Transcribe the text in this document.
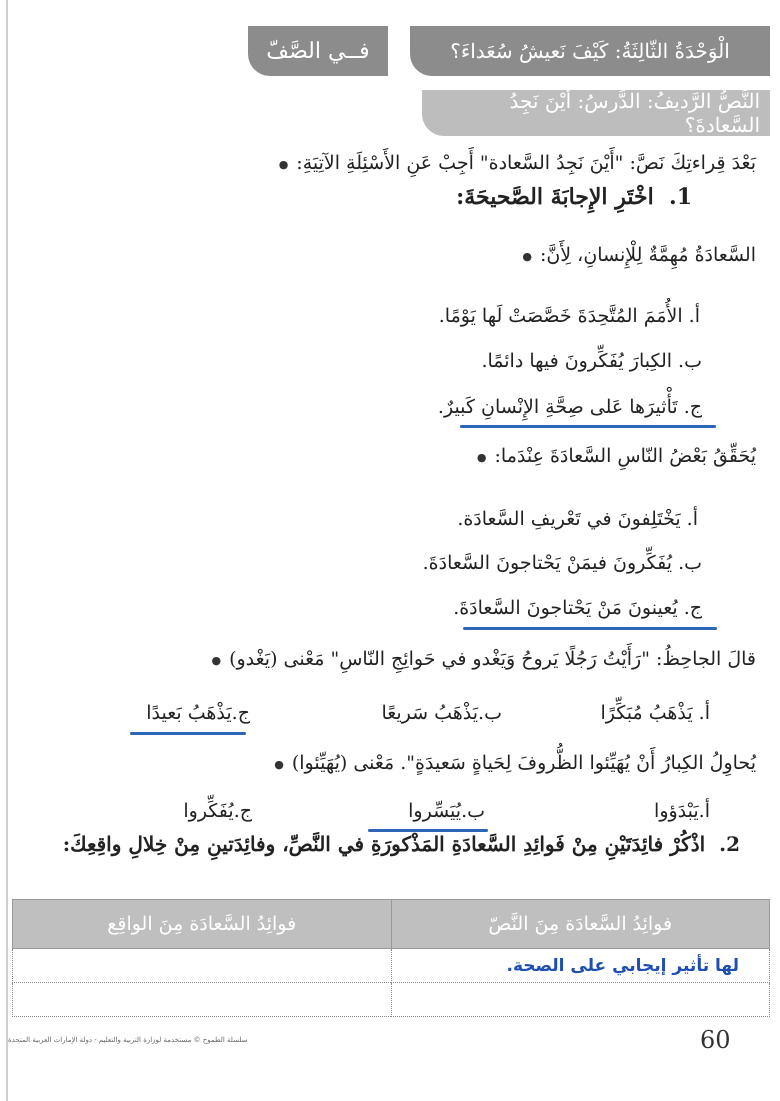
فــي الصَّفّ	الْوَحْدَةُ الثّالِثَةُ: كَيْفَ نَعيشُ سُعَداءَ؟
النَّصُّ الرَّديفُ: الدَّرسُ: أَيْنَ نَجِدُ السَّعادةَ؟
بَعْدَ قِراءتِكَ نَصَّ: "أَيْنَ نَجِدُ السَّعادة" أَجِبْ عَنِ الأَسْئِلَةِ الآتِيَةِ: ●
1.  اخْتَرِ الإِجابَةَ الصَّحيحَةَ:
السَّعادَةُ مُهِمَّةٌ لِلْإِنسانِ، لِأَنَّ: ●
أ. الأُمَمَ المُتَّحِدَةَ خَصَّصَتْ لَها يَوْمًا.
ب. الكِبارَ يُفَكِّرونَ فيها دائمًا.
ج. تَأْثيرَها عَلى صِحَّةِ الإِنْسانِ كَبيرٌ.
يُحَقِّقُ بَعْضُ النّاسِ السَّعادَةَ عِنْدَما: ●
أ. يَخْتَلِفونَ في تَعْريفِ السَّعادَة.
ب. يُفَكِّرونَ فيمَنْ يَحْتاجونَ السَّعادَةَ.
ج. يُعينونَ مَنْ يَحْتاجونَ السَّعادَةَ.
قالَ الجاحِظُ: "رَأَيْتُ رَجُلًا يَروحُ وَيَغْدو في حَوائِجِ النّاسِ" مَعْنى (يَغْدو) ●
أ. يَذْهَبُ مُبَكِّرًا
ب.يَذْهَبُ سَريعًا
ج.يَذْهَبُ بَعيدًا
يُحاوِلُ الكِبارُ أَنْ يُهَيِّئوا الظُّروفَ لِحَياةٍ سَعيدَةٍ". مَعْنى (يُهَيِّئوا) ●
أ.يَبْدَؤوا
ب.يُيَسِّروا
ج.يُفَكِّروا
2.  اذْكُرْ فائِدَتَيْنِ مِنْ فَوائِدِ السَّعادَةِ المَذْكورَةِ في النَّصِّ، وفائِدَتينِ مِنْ خِلالِ واقِعِكَ:
فوائِدُ السَّعادَة مِنَ النَّصّ	فوائِدُ السَّعادَة مِنَ الواقِع
لها تأثير إيجابي على الصحة.	

سلسلة الطموح © مستخدمة لوزارة التربية والتعليم - دولة الإمارات العربية المتحدة	60
